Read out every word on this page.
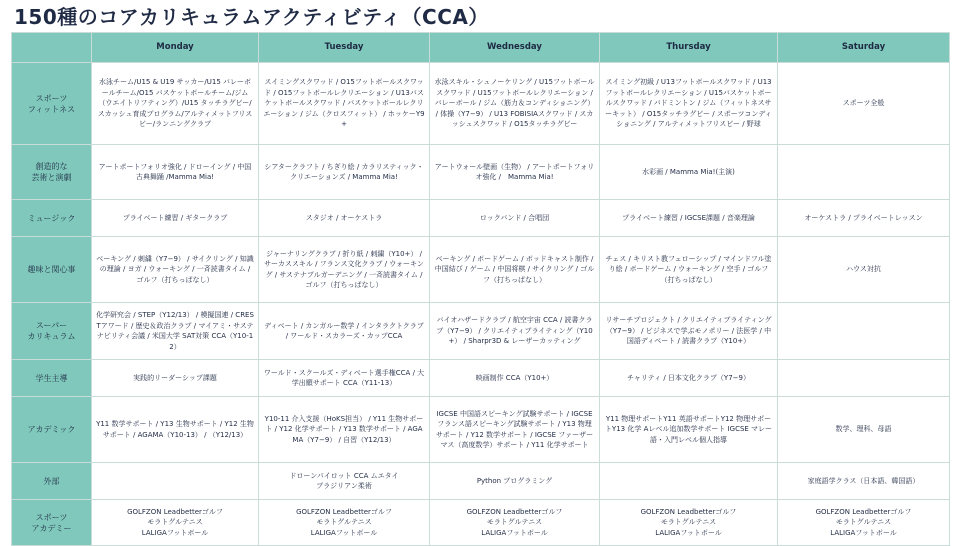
150種のコアカリキュラムアクティビティ（CCA）
	Monday	Tuesday	Wednesday	Thursday	Saturday
スポーツ
フィットネス	水泳チーム/U15 & U19 サッカー/U15 バレーボールチーム/O15 バスケットボールチーム/ジム（ウエイトリフティング）/U15 タッチラグビー/スカッシュ育成プログラム/アルティメットフリスビー/ランニングクラブ	スイミングスクワッド / O15フットボールスクワッド / O15フットボールレクリエーション / U13バスケットボールスクワッド / バスケットボールレクリエーション / ジム（クロスフィット） / ホッケーY9+	水泳スキル・シュノーケリング / U15フットボールスクワッド / U15フットボールレクリエーション / バレーボール / ジム（筋力＆コンディショニング） / 体操（Y7−9） / U13 FOBISIAスクワッド / スカッシュスクワッド / O15タッチラグビー	スイミング初級 / U13フットボールスクワッド / U13フットボールレクリエーション / U15バスケットボールスクワッド / バドミントン / ジム（フィットネスサーキット） / O15タッチラグビー / スポーツコンディショニング / アルティメットフリスビー / 野球	スポーツ全般
創造的な
芸術と演劇	アートポートフォリオ強化 / ドローイング / 中国古典舞踊 /Mamma Mia!	シアタークラフト / ちぎり絵 / カラリスティック・クリエーションズ / Mamma Mia!	アートウォール壁画（生物） / アートポートフォリオ強化 /　Mamma Mia!	水彩画 / Mamma Mia!(主演)	
ミュージック	プライベート練習 / ギタークラブ	スタジオ / オーケストラ	ロックバンド / 合唱団	プライベート練習 / IGCSE課題 / 音楽理論	オーケストラ / プライベートレッスン
趣味と関心事	ベーキング / 刺繍（Y7−9） / サイクリング / 知識の理論 / ヨガ / ウォーキング / 一斉読書タイム / ゴルフ（打ちっぱなし）	ジャーナリングクラブ / 折り紙 / 刺繍（Y10+） / サーカススキル / フランス文化クラブ / ウォーキング / サステナブルガーデニング / 一斉読書タイム / ゴルフ（打ちっぱなし）	ベーキング / ボードゲーム / ボッドキャスト制作 / 中国結び / ゲーム / 中国将棋 / サイクリング / ゴルフ（打ちっぱなし）	チェス / キリスト教フェローシップ / マインドフル塗り絵 / ボードゲーム / ウォーキング / 空手 / ゴルフ（打ちっぱなし）	ハウス対抗
スーパー
カリキュラム	化学研究会 / STEP（Y12/13） / 模擬国連 / CRESTアワード / 歴史＆政治クラブ / マイアミ・サステナビリティ会議 / 米国大学 SAT対策 CCA（Y10-12）	ディベート / カンガルー数学 / インタラクトクラブ / ワールド・スカラーズ・カップCCA	バイオハザードクラブ / 航空宇宙 CCA / 読書クラブ（Y7−9） / クリエイティブライティング（Y10+） / Sharpr3D & レーザーカッティング	リサーチプロジェクト / クリエイティブライティング（Y7−9） / ビジネスで学ぶモノポリー / 法医学 / 中国語ディベート / 読書クラブ（Y10+）	
学生主導	実践的リーダーシップ課題	ワールド・スクールズ・ディベート選手権CCA / 大学出願サポート CCA（Y11-13）	映画制作 CCA（Y10+）	チャリティ / 日本文化クラブ（Y7−9）	
アカデミック	Y11 数学サポート / Y13 生物サポート / Y12 生物サポート / AGAMA（Y10-13） / （Y12/13）	Y10-11 介入支援（HoKS担当） / Y11 生物サポート / Y12 化学サポート / Y13 数学サポート / AGAMA（Y7−9） / 自習（Y12/13）	IGCSE 中国語スピーキング試験サポート / IGCSE フランス語スピーキング試験サポート / Y13 物理サポート / Y12 数学サポート / IGCSE ファーザーマス（高度数学）サポート / Y11 化学サポート	Y11 物理サポートY11 英語サポートY12 物理サポートY13 化学 Aレベル追加数学サポート IGCSE マレー語・入門レベル個人指導	数学、理科、母語
外部		ドローンパイロット CCA ムエタイ
ブラジリアン柔術	Python プログラミング		家庭語学クラス（日本語、韓国語）
スポーツ
アカデミー	GOLFZON Leadbetterゴルフ
モラトグルテニス
LALIGAフットボール	GOLFZON Leadbetterゴルフ
モラトグルテニス
LALIGAフットボール	GOLFZON Leadbetterゴルフ
モラトグルテニス
LALIGAフットボール	GOLFZON Leadbetterゴルフ
モラトグルテニス
LALIGAフットボール	GOLFZON Leadbetterゴルフ
モラトグルテニス
LALIGAフットボール
